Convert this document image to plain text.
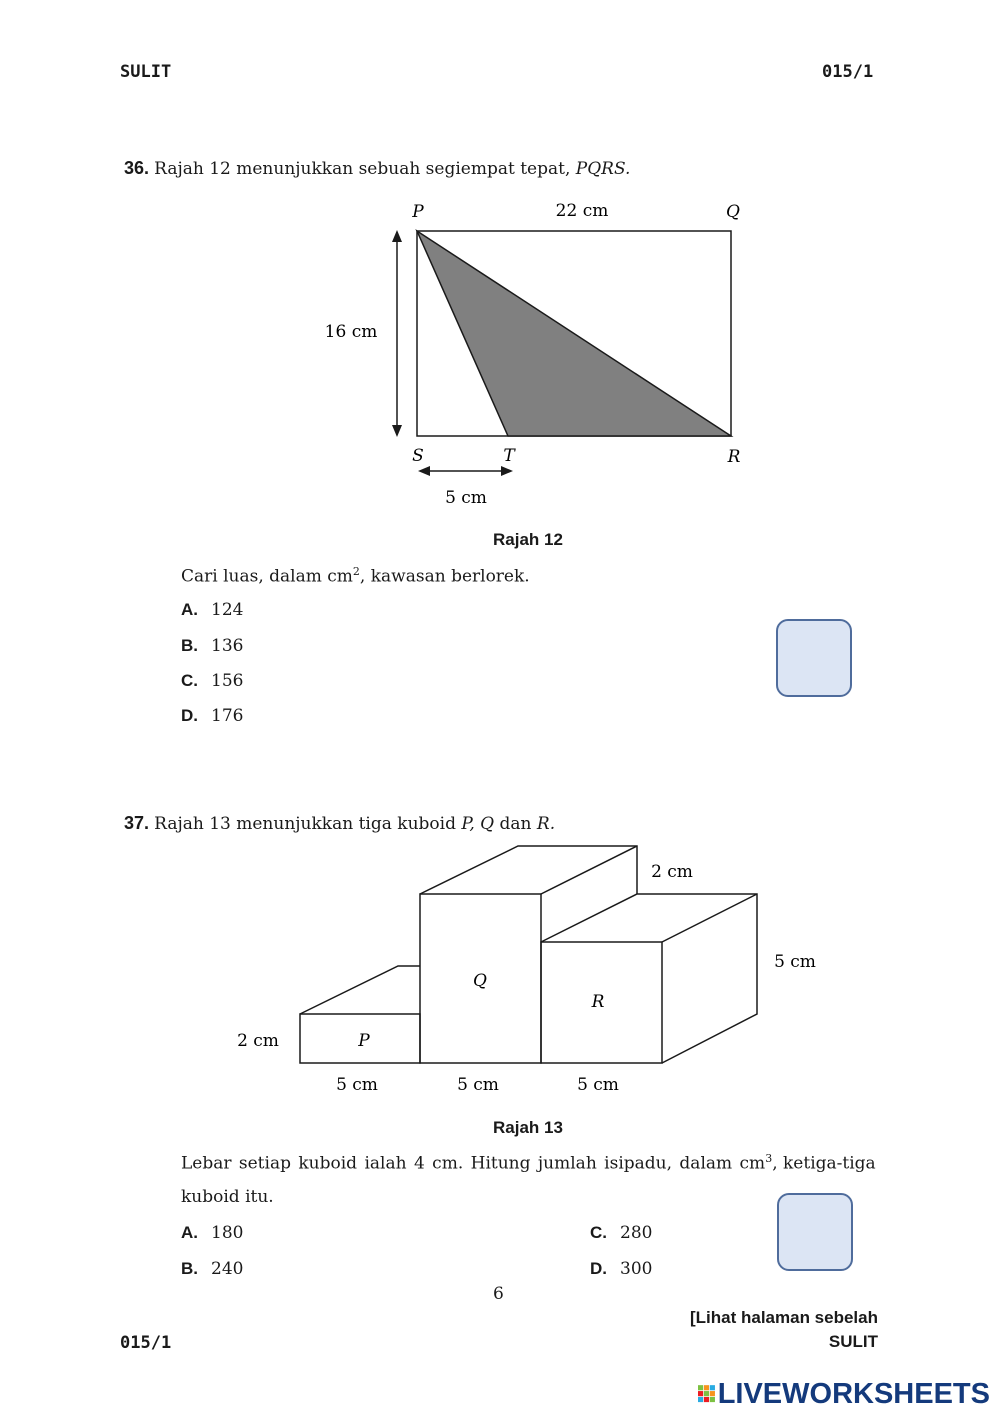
SULIT	015/1
36. Rajah 12 menunjukkan sebuah segiempat tepat, PQRS.
P	Q
S	T	R
22 cm
16 cm
5 cm
Rajah 12
Cari luas, dalam $cm^2$, kawasan berlorek.
A. 124
B. 136
C. 156
D. 176
37. Rajah 13 menunjukkan tiga kuboid P, Q dan R.
P
Q
R
2 cm
5 cm
2 cm
5 cm	5 cm	5 cm
Rajah 13
Lebar setiap kuboid ialah 4 cm. Hitung jumlah isipadu, dalam $cm^3$, ketiga-tiga
kuboid itu.
A. 180	C. 280
B. 240	D. 300
6
[Lihat halaman sebelah
015/1	SULIT
LIVEWORKSHEETS
